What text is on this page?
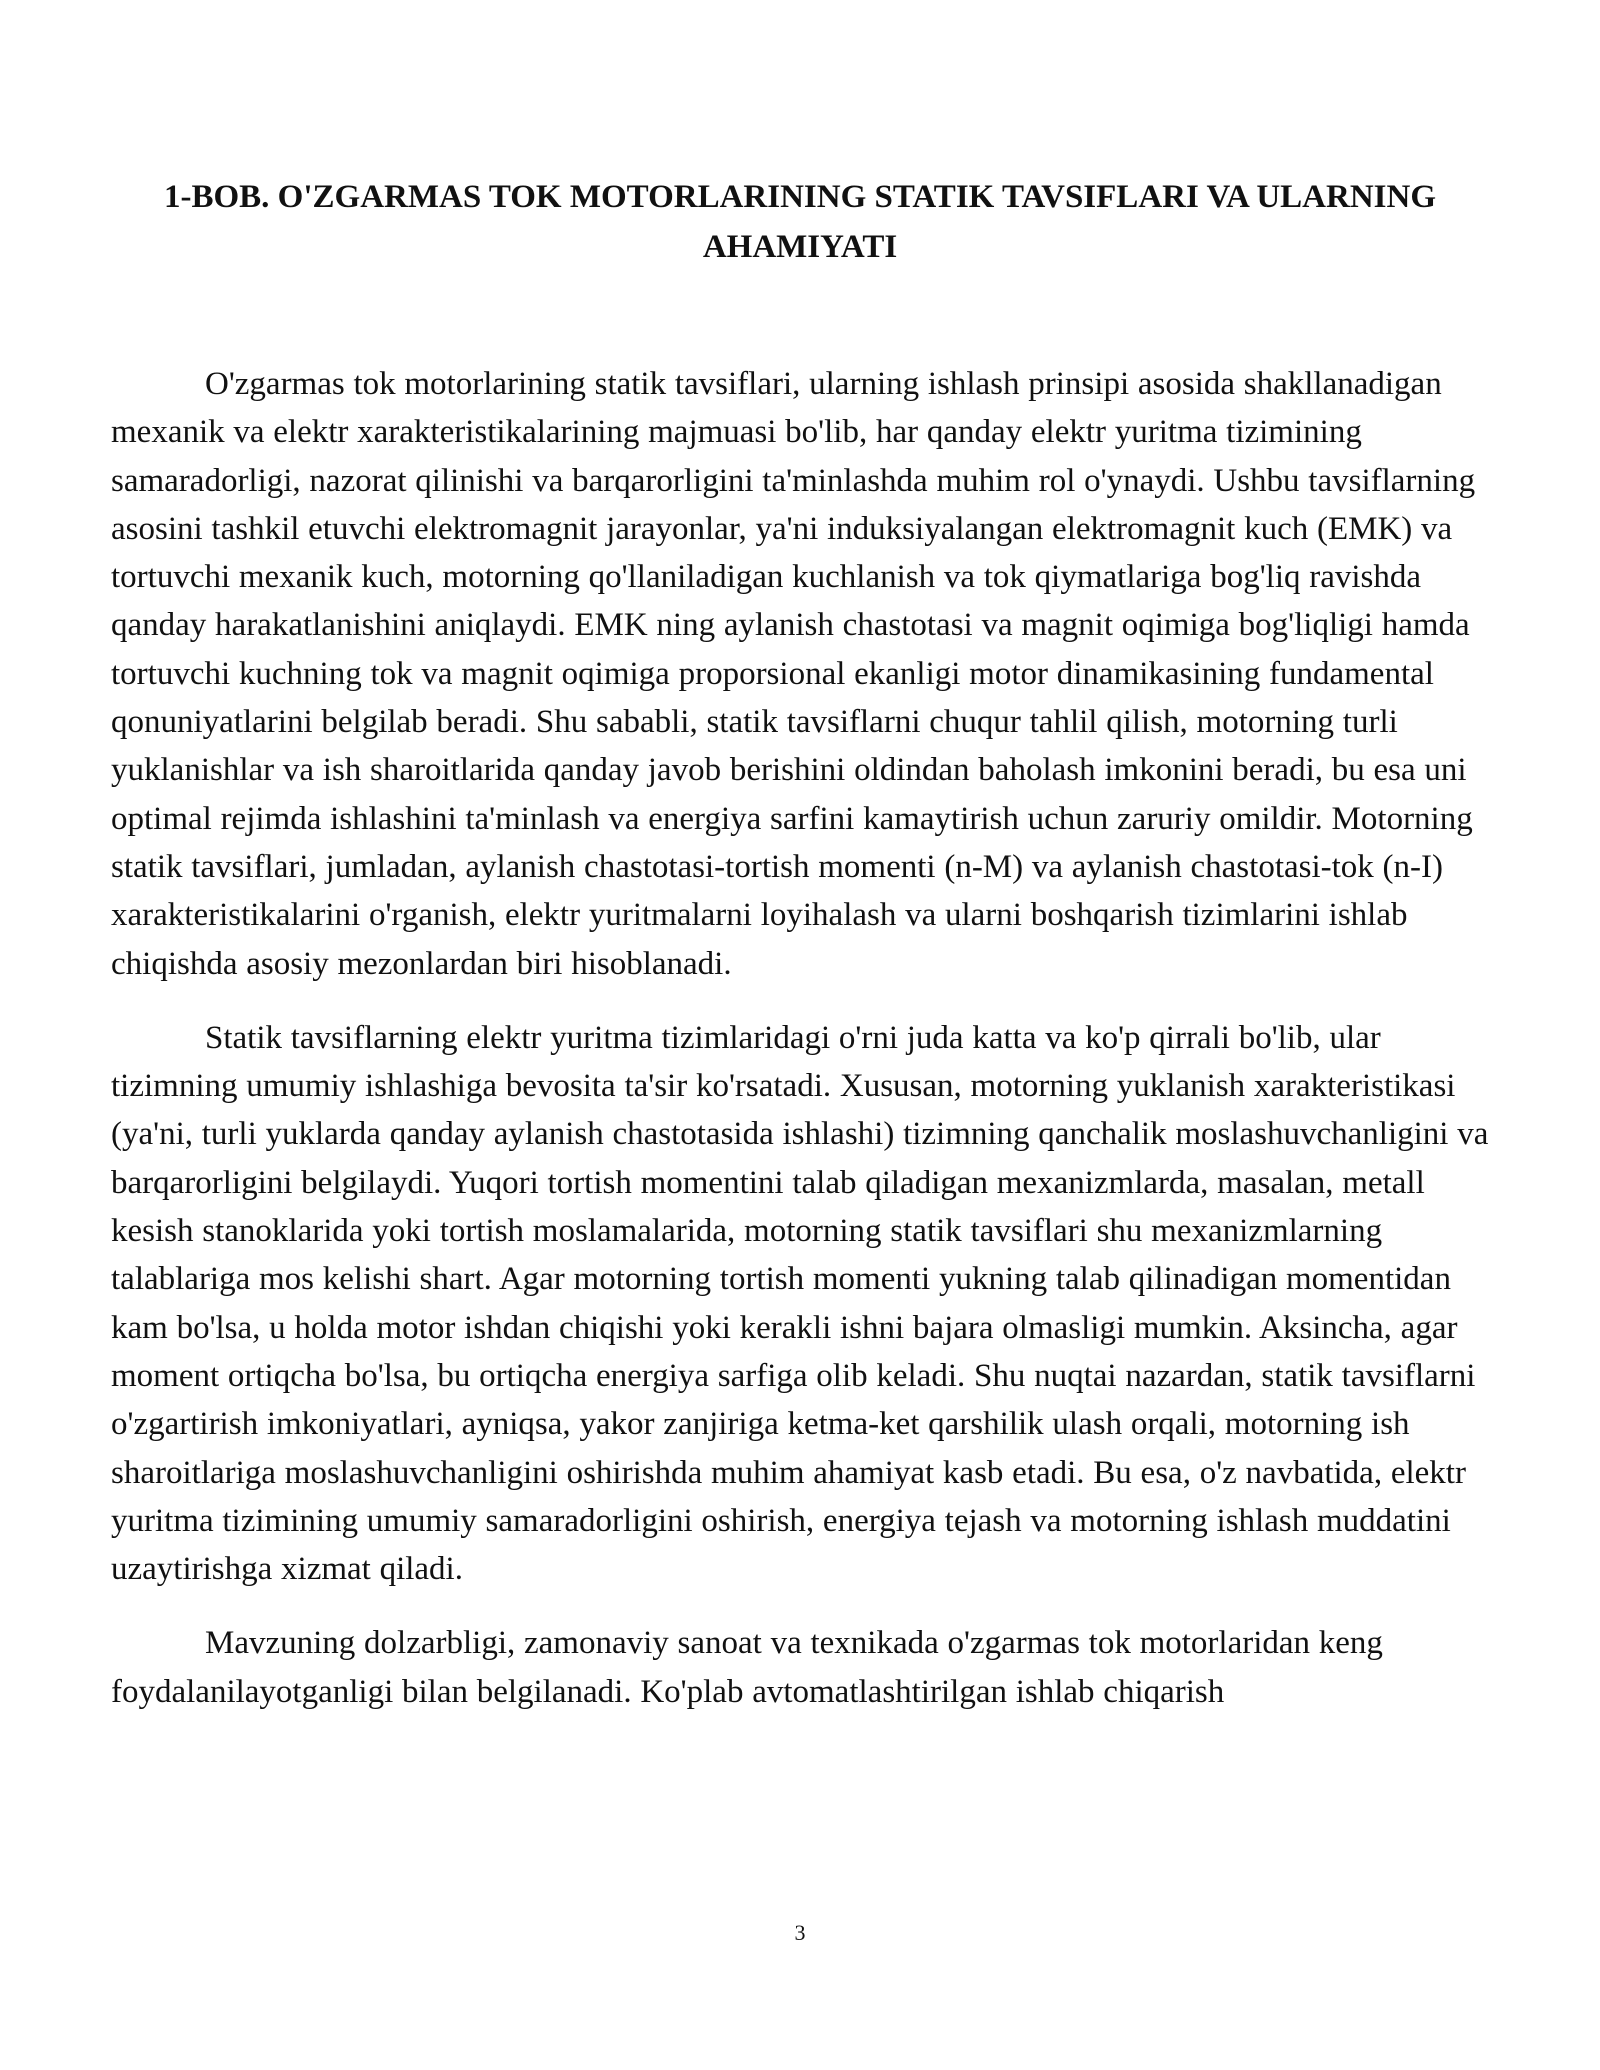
1-BOB. O'ZGARMAS TOK MOTORLARINING STATIK TAVSIFLARI VA ULARNING AHAMIYATI

O'zgarmas tok motorlarining statik tavsiflari, ularning ishlash prinsipi asosida shakllanadigan mexanik va elektr xarakteristikalarining majmuasi bo'lib, har qanday elektr yuritma tizimining samaradorligi, nazorat qilinishi va barqarorligini ta'minlashda muhim rol o'ynaydi. Ushbu tavsiflarning asosini tashkil etuvchi elektromagnit jarayonlar, ya'ni induksiyalangan elektromagnit kuch (EMK) va tortuvchi mexanik kuch, motorning qo'llaniladigan kuchlanish va tok qiymatlariga bog'liq ravishda qanday harakatlanishini aniqlaydi. EMK ning aylanish chastotasi va magnit oqimiga bog'liqligi hamda tortuvchi kuchning tok va magnit oqimiga proporsional ekanligi motor dinamikasining fundamental qonuniyatlarini belgilab beradi. Shu sababli, statik tavsiflarni chuqur tahlil qilish, motorning turli yuklanishlar va ish sharoitlarida qanday javob berishini oldindan baholash imkonini beradi, bu esa uni optimal rejimda ishlashini ta'minlash va energiya sarfini kamaytirish uchun zaruriy omildir. Motorning statik tavsiflari, jumladan, aylanish chastotasi-tortish momenti (n-M) va aylanish chastotasi-tok (n-I) xarakteristikalarini o'rganish, elektr yuritmalarni loyihalash va ularni boshqarish tizimlarini ishlab chiqishda asosiy mezonlardan biri hisoblanadi.

Statik tavsiflarning elektr yuritma tizimlaridagi o'rni juda katta va ko'p qirrali bo'lib, ular tizimning umumiy ishlashiga bevosita ta'sir ko'rsatadi. Xususan, motorning yuklanish xarakteristikasi (ya'ni, turli yuklarda qanday aylanish chastotasida ishlashi) tizimning qanchalik moslashuvchanligini va barqarorligini belgilaydi. Yuqori tortish momentini talab qiladigan mexanizmlarda, masalan, metall kesish stanoklarida yoki tortish moslamalarida, motorning statik tavsiflari shu mexanizmlarning talablariga mos kelishi shart. Agar motorning tortish momenti yukning talab qilinadigan momentidan kam bo'lsa, u holda motor ishdan chiqishi yoki kerakli ishni bajara olmasligi mumkin. Aksincha, agar moment ortiqcha bo'lsa, bu ortiqcha energiya sarfiga olib keladi. Shu nuqtai nazardan, statik tavsiflarni o'zgartirish imkoniyatlari, ayniqsa, yakor zanjiriga ketma-ket qarshilik ulash orqali, motorning ish sharoitlariga moslashuvchanligini oshirishda muhim ahamiyat kasb etadi. Bu esa, o'z navbatida, elektr yuritma tizimining umumiy samaradorligini oshirish, energiya tejash va motorning ishlash muddatini uzaytirishga xizmat qiladi.

Mavzuning dolzarbligi, zamonaviy sanoat va texnikada o'zgarmas tok motorlaridan keng foydalanilayotganligi bilan belgilanadi. Ko'plab avtomatlashtirilgan ishlab chiqarish

3
